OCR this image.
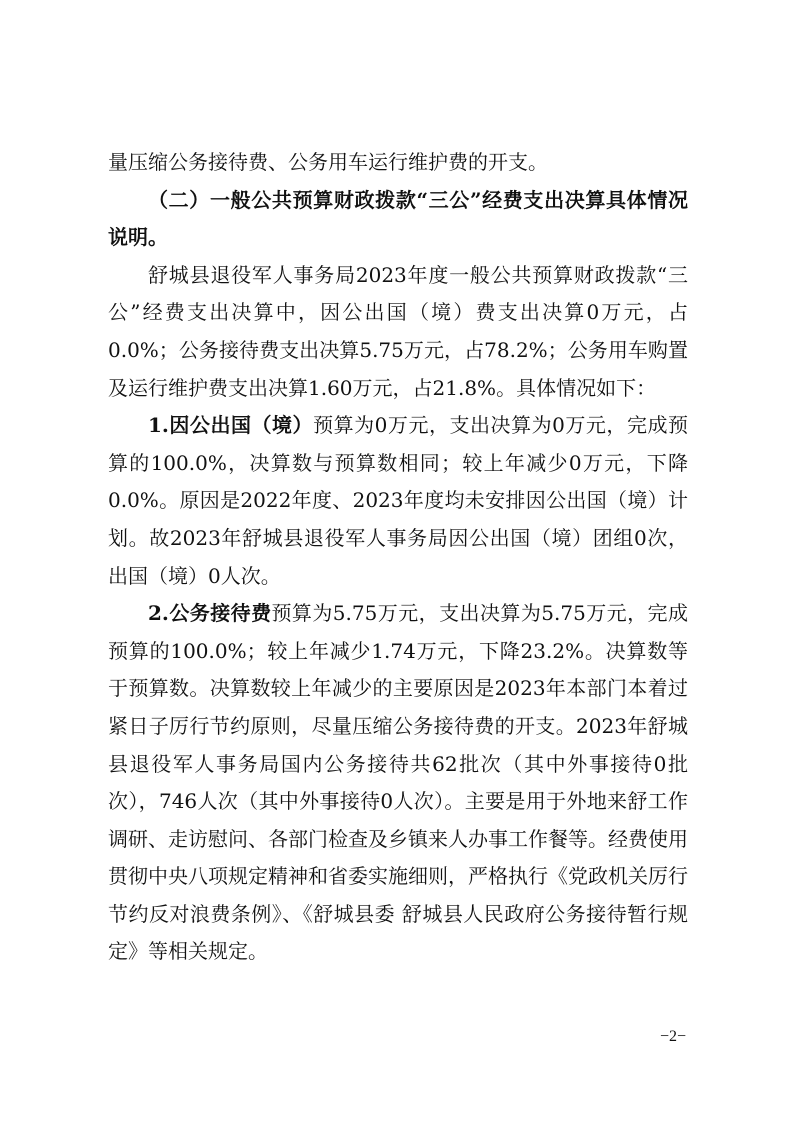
量压缩公务接待费、公务用车运行维护费的开支。

（二）一般公共预算财政拨款“三公”经费支出决算具体情况说明。

舒城县退役军人事务局2023年度一般公共预算财政拨款“三公”经费支出决算中，因公出国（境）费支出决算0万元，占0.0%；公务接待费支出决算5.75万元，占78.2%；公务用车购置及运行维护费支出决算1.60万元，占21.8%。具体情况如下：

1.因公出国（境）预算为0万元，支出决算为0万元，完成预算的100.0%，决算数与预算数相同；较上年减少0万元，下降0.0%。原因是2022年度、2023年度均未安排因公出国（境）计划。故2023年舒城县退役军人事务局因公出国（境）团组0次，出国（境）0人次。

2.公务接待费预算为5.75万元，支出决算为5.75万元，完成预算的100.0%；较上年减少1.74万元，下降23.2%。决算数等于预算数。决算数较上年减少的主要原因是2023年本部门本着过紧日子厉行节约原则，尽量压缩公务接待费的开支。2023年舒城县退役军人事务局国内公务接待共62批次（其中外事接待0批次），746人次（其中外事接待0人次）。主要是用于外地来舒工作调研、走访慰问、各部门检查及乡镇来人办事工作餐等。经费使用贯彻中央八项规定精神和省委实施细则，严格执行《党政机关厉行节约反对浪费条例》、《舒城县委 舒城县人民政府公务接待暂行规定》等相关规定。

−2−
